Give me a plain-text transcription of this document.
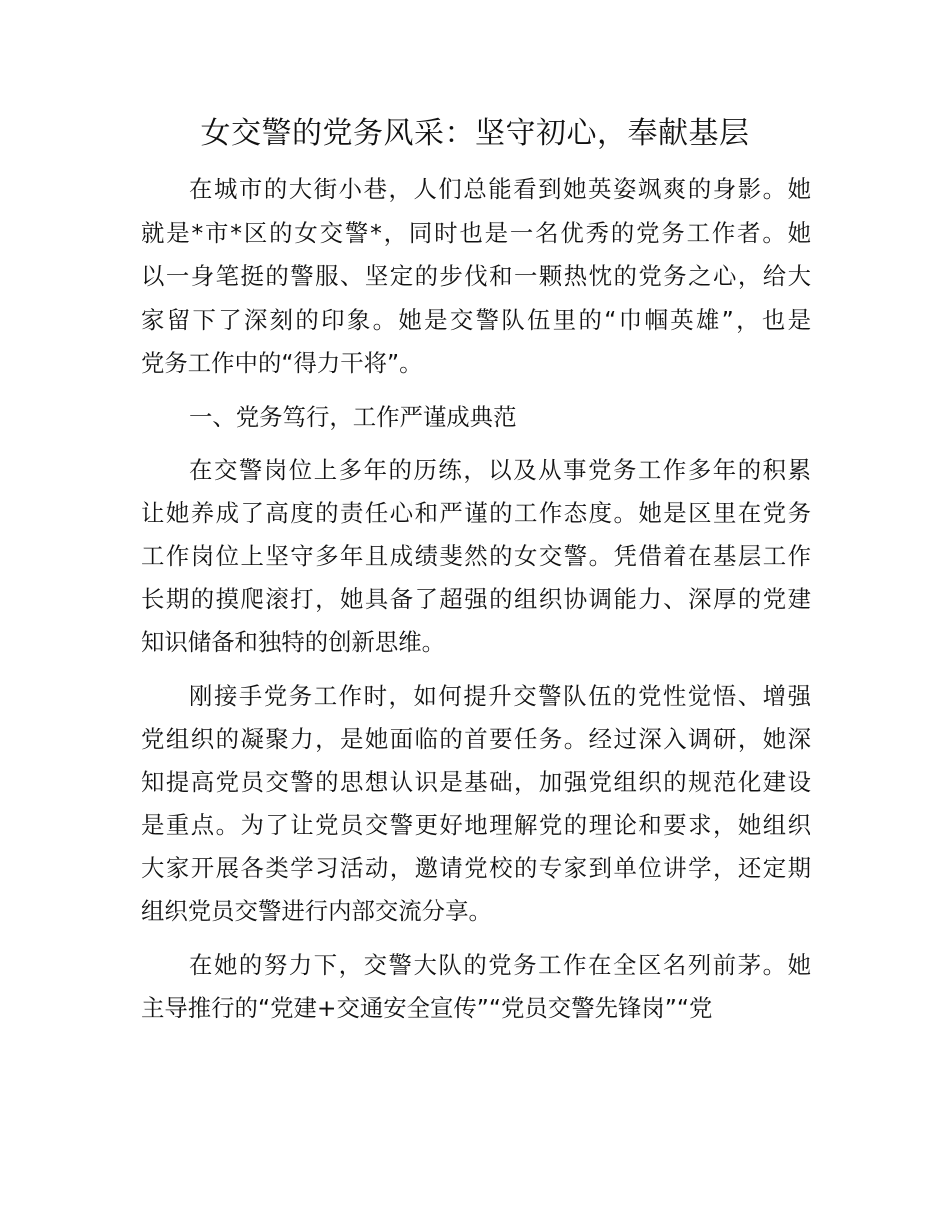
女交警的党务风采：坚守初心，奉献基层

在城市的大街小巷，人们总能看到她英姿飒爽的身影。她

就是*市*区的女交警*，同时也是一名优秀的党务工作者。她

以一身笔挺的警服、坚定的步伐和一颗热忱的党务之心，给大

家留下了深刻的印象。她是交警队伍里的“巾帼英雄”，也是

党务工作中的“得力干将”。

一、党务笃行，工作严谨成典范

在交警岗位上多年的历练，以及从事党务工作多年的积累

让她养成了高度的责任心和严谨的工作态度。她是区里在党务

工作岗位上坚守多年且成绩斐然的女交警。凭借着在基层工作

长期的摸爬滚打，她具备了超强的组织协调能力、深厚的党建

知识储备和独特的创新思维。

刚接手党务工作时，如何提升交警队伍的党性觉悟、增强

党组织的凝聚力，是她面临的首要任务。经过深入调研，她深

知提高党员交警的思想认识是基础，加强党组织的规范化建设

是重点。为了让党员交警更好地理解党的理论和要求，她组织

大家开展各类学习活动，邀请党校的专家到单位讲学，还定期

组织党员交警进行内部交流分享。

在她的努力下，交警大队的党务工作在全区名列前茅。她

主导推行的“党建+交通安全宣传”“党员交警先锋岗”“党
